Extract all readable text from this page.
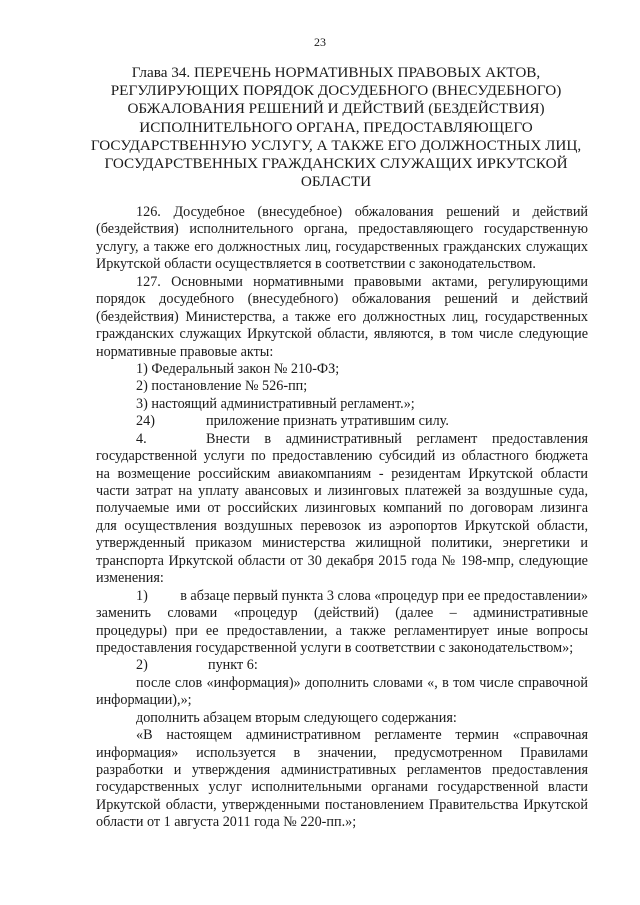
23
Глава 34. ПЕРЕЧЕНЬ НОРМАТИВНЫХ ПРАВОВЫХ АКТОВ,
РЕГУЛИРУЮЩИХ ПОРЯДОК ДОСУДЕБНОГО (ВНЕСУДЕБНОГО)
ОБЖАЛОВАНИЯ РЕШЕНИЙ И ДЕЙСТВИЙ (БЕЗДЕЙСТВИЯ)
ИСПОЛНИТЕЛЬНОГО ОРГАНА, ПРЕДОСТАВЛЯЮЩЕГО
ГОСУДАРСТВЕННУЮ УСЛУГУ, А ТАКЖЕ ЕГО ДОЛЖНОСТНЫХ ЛИЦ,
ГОСУДАРСТВЕННЫХ ГРАЖДАНСКИХ СЛУЖАЩИХ ИРКУТСКОЙ
ОБЛАСТИ
126. Досудебное (внесудебное) обжалования решений и действий
(бездействия) исполнительного органа, предоставляющего государственную
услугу, а также его должностных лиц, государственных гражданских служащих
Иркутской области осуществляется в соответствии с законодательством.
127. Основными нормативными правовыми актами, регулирующими
порядок досудебного (внесудебного) обжалования решений и действий
(бездействия) Министерства, а также его должностных лиц, государственных
гражданских служащих Иркутской области, являются, в том числе следующие
нормативные правовые акты:
1) Федеральный закон № 210-ФЗ;
2) постановление № 526-пп;
3) настоящий административный регламент.»;
24)	приложение признать утратившим силу.
4.	Внести в административный регламент предоставления
государственной услуги по предоставлению субсидий из областного бюджета
на возмещение российским авиакомпаниям - резидентам Иркутской области
части затрат на уплату авансовых и лизинговых платежей за воздушные суда,
получаемые ими от российских лизинговых компаний по договорам лизинга
для осуществления воздушных перевозок из аэропортов Иркутской области,
утвержденный приказом министерства жилищной политики, энергетики и
транспорта Иркутской области от 30 декабря 2015 года № 198-мпр, следующие
изменения:
1)	в абзаце первый пункта 3 слова «процедур при ее предоставлении»
заменить словами «процедур (действий) (далее – административные
процедуры) при ее предоставлении, а также регламентирует иные вопросы
предоставления государственной услуги в соответствии с законодательством»;
2)	пункт 6:
после слов «информация)» дополнить словами «, в том числе справочной
информации),»;
дополнить абзацем вторым следующего содержания:
«В настоящем административном регламенте термин «справочная
информация» используется в значении, предусмотренном Правилами
разработки и утверждения административных регламентов предоставления
государственных услуг исполнительными органами государственной власти
Иркутской области, утвержденными постановлением Правительства Иркутской
области от 1 августа 2011 года № 220-пп.»;
